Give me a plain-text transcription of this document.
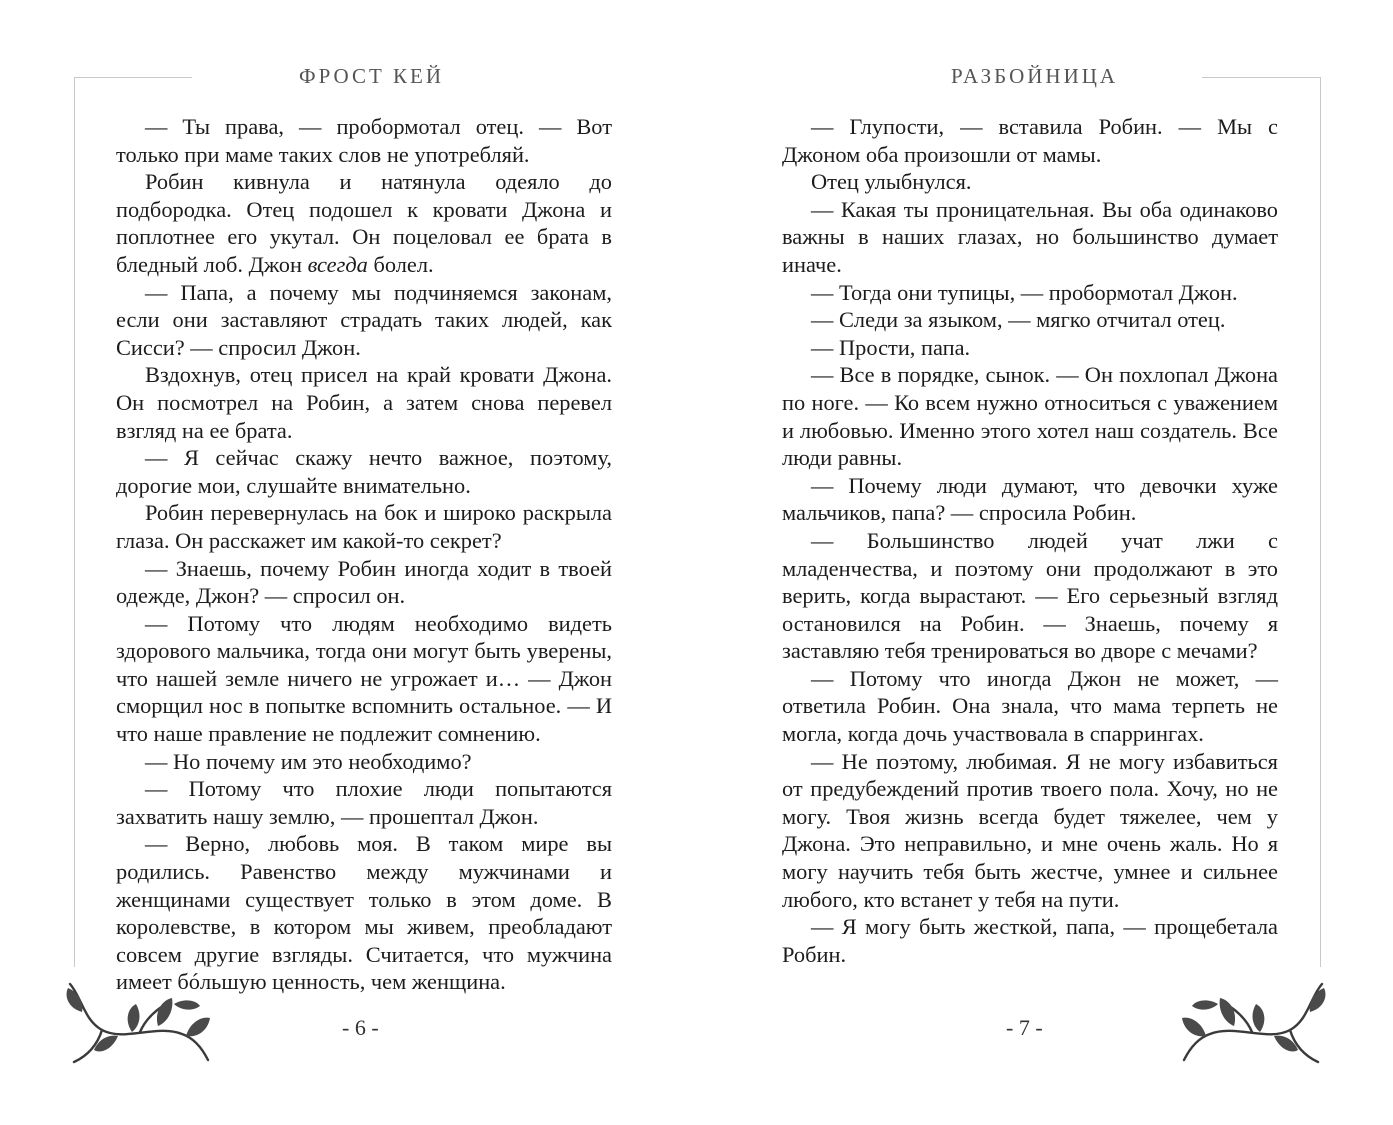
ФРОСТ КЕЙ

— Ты права, — пробормотал отец. — Вот только при маме таких слов не употребляй.

Робин кивнула и натянула одеяло до подбородка. Отец подошел к кровати Джона и поплотнее его укутал. Он поцеловал ее брата в бледный лоб. Джон всегда болел.

— Папа, а почему мы подчиняемся законам, если они заставляют страдать таких людей, как Сисси? — спросил Джон.

Вздохнув, отец присел на край кровати Джона. Он посмотрел на Робин, а затем снова перевел взгляд на ее брата.

— Я сейчас скажу нечто важное, поэтому, дорогие мои, слушайте внимательно.

Робин перевернулась на бок и широко раскрыла глаза. Он расскажет им какой-то секрет?

— Знаешь, почему Робин иногда ходит в твоей одежде, Джон? — спросил он.

— Потому что людям необходимо видеть здорового мальчика, тогда они могут быть уверены, что нашей земле ничего не угрожает и… — Джон сморщил нос в попытке вспомнить остальное. — И что наше правление не подлежит сомнению.

— Но почему им это необходимо?

— Потому что плохие люди попытаются захватить нашу землю, — прошептал Джон.

— Верно, любовь моя. В таком мире вы родились. Равенство между мужчинами и женщинами существует только в этом доме. В королевстве, в котором мы живем, преобладают совсем другие взгляды. Считается, что мужчина имеет бóльшую ценность, чем женщина.

- 6 -
РАЗБОЙНИЦА

— Глупости, — вставила Робин. — Мы с Джоном оба произошли от мамы.

Отец улыбнулся.

— Какая ты проницательная. Вы оба одинаково важны в наших глазах, но большинство думает иначе.

— Тогда они тупицы, — пробормотал Джон.

— Следи за языком, — мягко отчитал отец.

— Прости, папа.

— Все в порядке, сынок. — Он похлопал Джона по ноге. — Ко всем нужно относиться с уважением и любовью. Именно этого хотел наш создатель. Все люди равны.

— Почему люди думают, что девочки хуже мальчиков, папа? — спросила Робин.

— Большинство людей учат лжи с младенчества, и поэтому они продолжают в это верить, когда вырастают. — Его серьезный взгляд остановился на Робин. — Знаешь, почему я заставляю тебя тренироваться во дворе с мечами?

— Потому что иногда Джон не может, — ответила Робин. Она знала, что мама терпеть не могла, когда дочь участвовала в спаррингах.

— Не поэтому, любимая. Я не могу избавиться от предубеждений против твоего пола. Хочу, но не могу. Твоя жизнь всегда будет тяжелее, чем у Джона. Это неправильно, и мне очень жаль. Но я могу научить тебя быть жестче, умнее и сильнее любого, кто встанет у тебя на пути.

— Я могу быть жесткой, папа, — прощебетала Робин.

- 7 -
